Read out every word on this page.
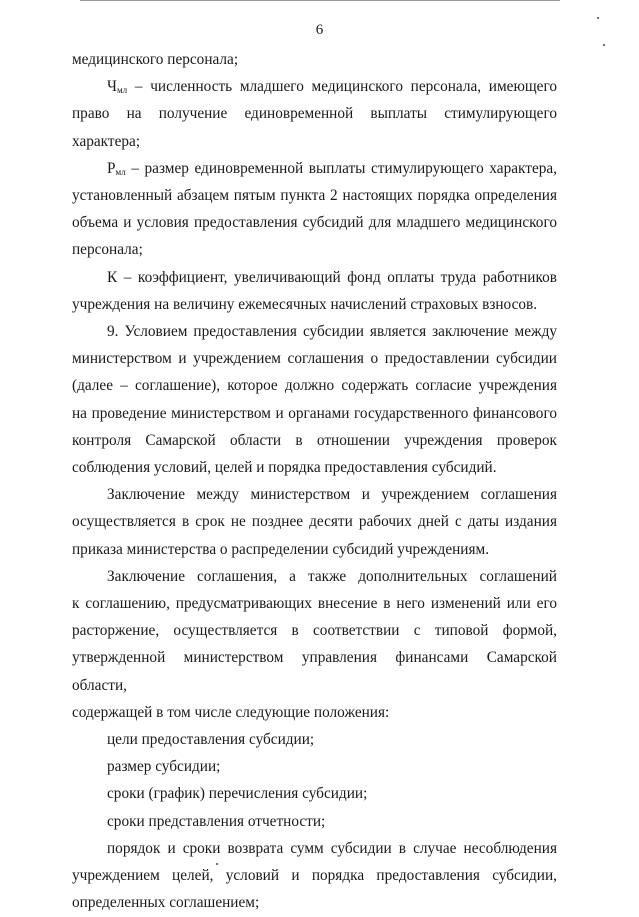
6

медицинского персонала;

$Ч_{мл}$ – численность младшего медицинского персонала, имеющего
право на получение единовременной выплаты стимулирующего характера;

$Р_{мл}$ – размер единовременной выплаты стимулирующего характера,
установленный абзацем пятым пункта 2 настоящих порядка определения
объема и условия предоставления субсидий для младшего медицинского
персонала;

К – коэффициент, увеличивающий фонд оплаты труда работников
учреждения на величину ежемесячных начислений страховых взносов.

9. Условием предоставления субсидии является заключение между
министерством и учреждением соглашения о предоставлении субсидии
(далее – соглашение), которое должно содержать согласие учреждения
на проведение министерством и органами государственного финансового
контроля Самарской области в отношении учреждения проверок
соблюдения условий, целей и порядка предоставления субсидий.

Заключение между министерством и учреждением соглашения
осуществляется в срок не позднее десяти рабочих дней с даты издания
приказа министерства о распределении субсидий учреждениям.

Заключение соглашения, а также дополнительных соглашений
к соглашению, предусматривающих внесение в него изменений или его
расторжение, осуществляется в соответствии с типовой формой,
утвержденной министерством управления финансами Самарской области,
содержащей в том числе следующие положения:

цели предоставления субсидии;

размер субсидии;

сроки (график) перечисления субсидии;

сроки представления отчетности;

порядок и сроки возврата сумм субсидии в случае несоблюдения
учреждением целей, условий и порядка предоставления субсидии,
определенных соглашением;
